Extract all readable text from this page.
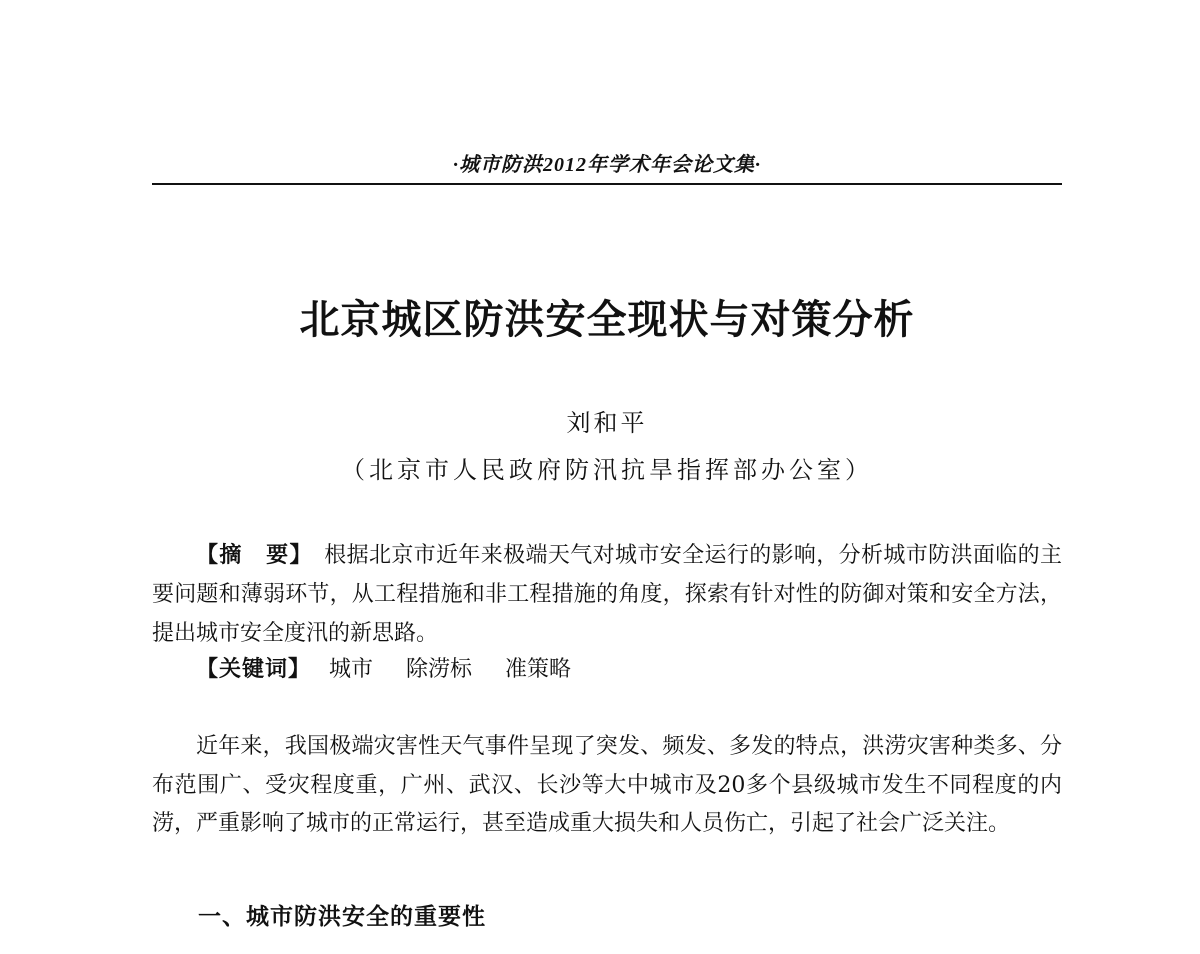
·城市防洪2012年学术年会论文集·
北京城区防洪安全现状与对策分析
刘和平
（北京市人民政府防汛抗旱指挥部办公室）

【摘　要】  根据北京市近年来极端天气对城市安全运行的影响，分析城市防洪面临的主要问题和薄弱环节，从工程措施和非工程措施的角度，探索有针对性的防御对策和安全方法，提出城市安全度汛的新思路。

【关键词】  城市 除涝标 准策略

近年来，我国极端灾害性天气事件呈现了突发、频发、多发的特点，洪涝灾害种类多、分布范围广、受灾程度重，广州、武汉、长沙等大中城市及20多个县级城市发生不同程度的内涝，严重影响了城市的正常运行，甚至造成重大损失和人员伤亡，引起了社会广泛关注。

一、城市防洪安全的重要性
